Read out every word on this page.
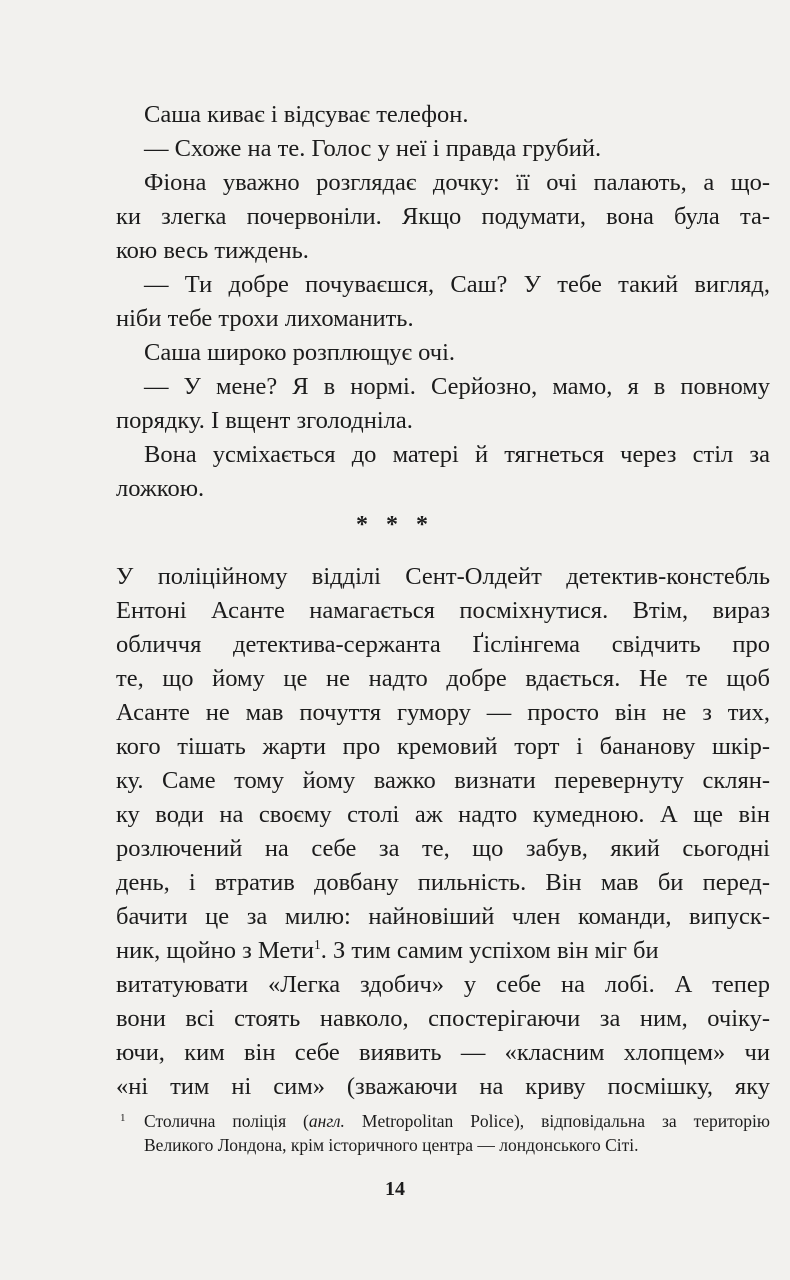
Саша киває і відсуває телефон.
— Схоже на те. Голос у неї і правда грубий.
Фіона уважно розглядає дочку: її очі палають, а що-
ки злегка почервоніли. Якщо подумати, вона була та-
кою весь тиждень.
— Ти добре почуваєшся, Саш? У тебе такий вигляд,
ніби тебе трохи лихоманить.
Саша широко розплющує очі.
— У мене? Я в нормі. Серйозно, мамо, я в повному
порядку. І вщент зголодніла.
Вона усміхається до матері й тягнеться через стіл за
ложкою.
* * *
У поліційному відділі Сент-Олдейт детектив-констебль
Ентоні Асанте намагається посміхнутися. Втім, вираз
обличчя детектива-сержанта Ґіслінгема свідчить про
те, що йому це не надто добре вдається. Не те щоб
Асанте не мав почуття гумору — просто він не з тих,
кого тішать жарти про кремовий торт і бананову шкір-
ку. Саме тому йому важко визнати перевернуту склян-
ку води на своєму столі аж надто кумедною. А ще він
розлючений на себе за те, що забув, який сьогодні
день, і втратив довбану пильність. Він мав би перед-
бачити це за милю: найновіший член команди, випуск-
ник, щойно з Мети$^1$. З тим самим успіхом він міг би
витатуювати «Легка здобич» у себе на лобі. А тепер
вони всі стоять навколо, спостерігаючи за ним, очіку-
ючи, ким він себе виявить — «класним хлопцем» чи
«ні тим ні сим» (зважаючи на криву посмішку, яку
1 Столична поліція (англ. Metropolitan Police), відповідальна за територію
Великого Лондона, крім історичного центра — лондонського Сіті.
14
